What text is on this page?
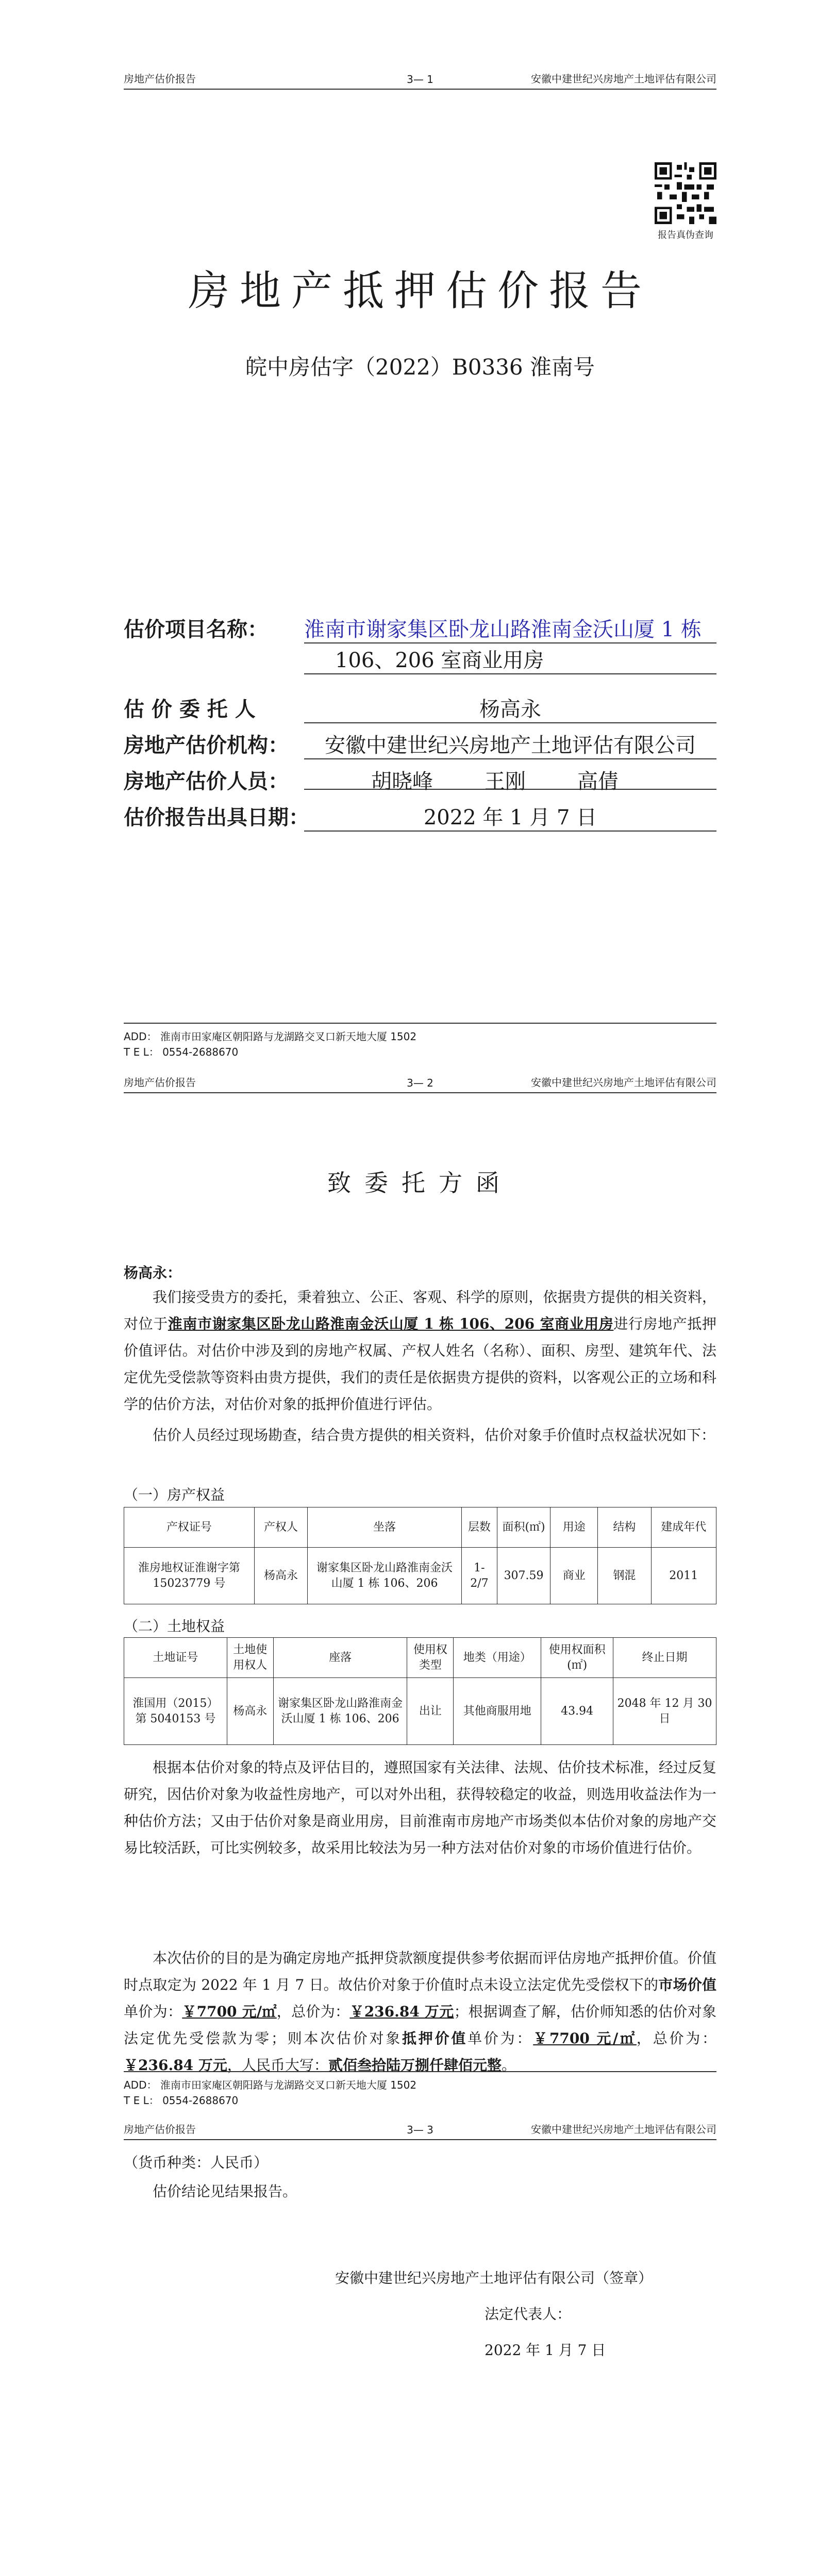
房地产估价报告	3— 1	安徽中建世纪兴房地产土地评估有限公司
报告真伪查询
房地产抵押估价报告
皖中房估字（2022）B0336 淮南号
估价项目名称： 淮南市谢家集区卧龙山路淮南金沃山厦 1 栋
106、206 室商业用房
估 价 委 托 人	杨高永
房地产估价机构：	安徽中建世纪兴房地产土地评估有限公司
房地产估价人员：
	胡晓峰	王刚	高倩
估价报告出具日期：	2022 年 1 月 7 日
ADD： 淮南市田家庵区朝阳路与龙湖路交叉口新天地大厦 1502
T E L： 0554-2688670
房地产估价报告	3— 2	安徽中建世纪兴房地产土地评估有限公司
致委托方函
杨高永：
我们接受贵方的委托，秉着独立、公正、客观、科学的原则，依据贵方提供的相关资料，对位于淮南市谢家集区卧龙山路淮南金沃山厦 1 栋 106、206 室商业用房进行房地产抵押价值评估。对估价中涉及到的房地产权属、产权人姓名（名称）、面积、房型、建筑年代、法定优先受偿款等资料由贵方提供，我们的责任是依据贵方提供的资料，以客观公正的立场和科学的估价方法，对估价对象的抵押价值进行评估。
估价人员经过现场勘查，结合贵方提供的相关资料，估价对象手价值时点权益状况如下：
（一）房产权益
产权证号	产权人	坐落	层数	面积(㎡)	用途	结构	建成年代
淮房地权证淮谢字第 15023779 号	杨高永	谢家集区卧龙山路淮南金沃山厦 1 栋 106、206	1-2/7	307.59	商业	钢混	2011
（二）土地权益
土地证号	土地使用权人	座落	使用权类型	地类（用途）	使用权面积(㎡)	终止日期
淮国用（2015）第 5040153 号	杨高永	谢家集区卧龙山路淮南金沃山厦 1 栋 106、206	出让	其他商服用地	43.94	2048 年 12 月 30 日
根据本估价对象的特点及评估目的，遵照国家有关法律、法规、估价技术标准，经过反复研究，因估价对象为收益性房地产，可以对外出租，获得较稳定的收益，则选用收益法作为一种估价方法；又由于估价对象是商业用房，目前淮南市房地产市场类似本估价对象的房地产交易比较活跃，可比实例较多，故采用比较法为另一种方法对估价对象的市场价值进行估价。
本次估价的目的是为确定房地产抵押贷款额度提供参考依据而评估房地产抵押价值。价值时点取定为 2022 年 1 月 7 日。故估价对象于价值时点未设立法定优先受偿权下的市场价值单价为：￥7700 元/㎡，总价为：￥236.84 万元；根据调查了解，估价师知悉的估价对象法定优先受偿款为零；则本次估价对象抵押价值单价为：￥7700 元/㎡，总价为：￥236.84 万元，人民币大写：贰佰叁拾陆万捌仟肆佰元整。
ADD： 淮南市田家庵区朝阳路与龙湖路交叉口新天地大厦 1502
T E L： 0554-2688670
房地产估价报告	3— 3	安徽中建世纪兴房地产土地评估有限公司
（货币种类：人民币）
估价结论见结果报告。
安徽中建世纪兴房地产土地评估有限公司（签章）
法定代表人：
2022 年 1 月 7 日
